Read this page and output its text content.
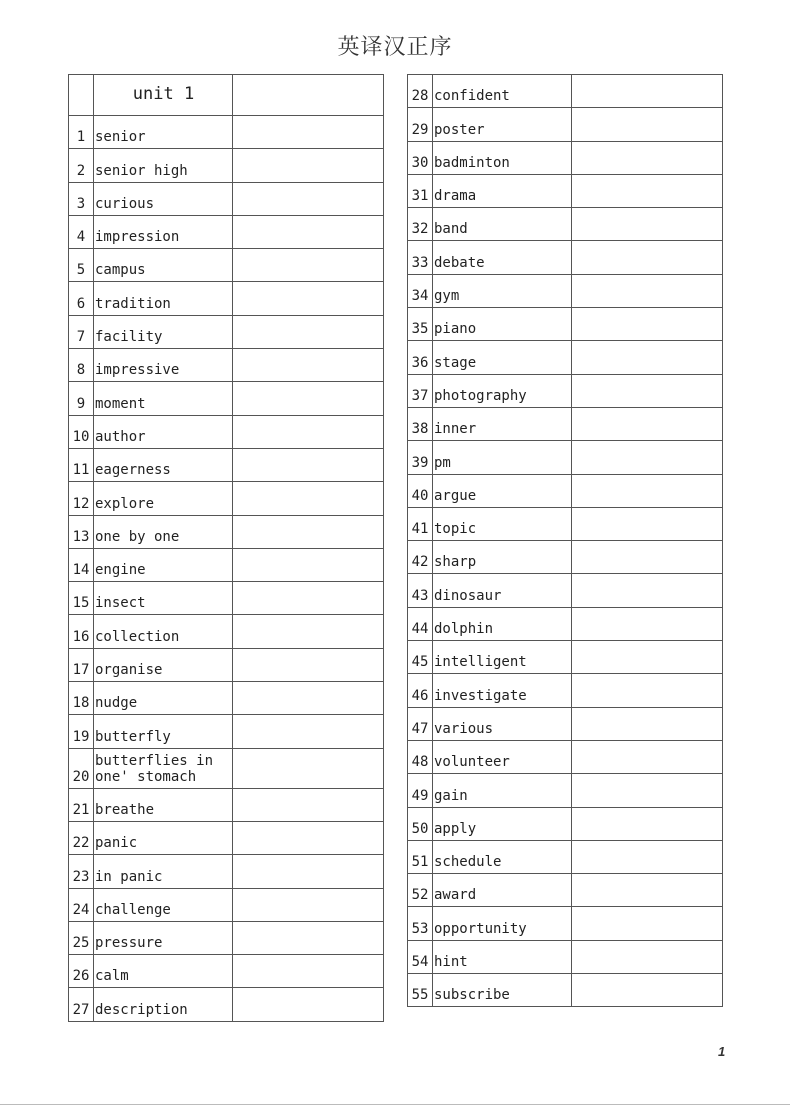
英译汉正序
	unit 1	
1	senior	
2	senior high	
3	curious	
4	impression	
5	campus	
6	tradition	
7	facility	
8	impressive	
9	moment	
10	author	
11	eagerness	
12	explore	
13	one by one	
14	engine	
15	insect	
16	collection	
17	organise	
18	nudge	
19	butterfly	
20	butterflies in one' stomach	
21	breathe	
22	panic	
23	in panic	
24	challenge	
25	pressure	
26	calm	
27	description	
28	confident	
29	poster	
30	badminton	
31	drama	
32	band	
33	debate	
34	gym	
35	piano	
36	stage	
37	photography	
38	inner	
39	pm	
40	argue	
41	topic	
42	sharp	
43	dinosaur	
44	dolphin	
45	intelligent	
46	investigate	
47	various	
48	volunteer	
49	gain	
50	apply	
51	schedule	
52	award	
53	opportunity	
54	hint	
55	subscribe	
1
